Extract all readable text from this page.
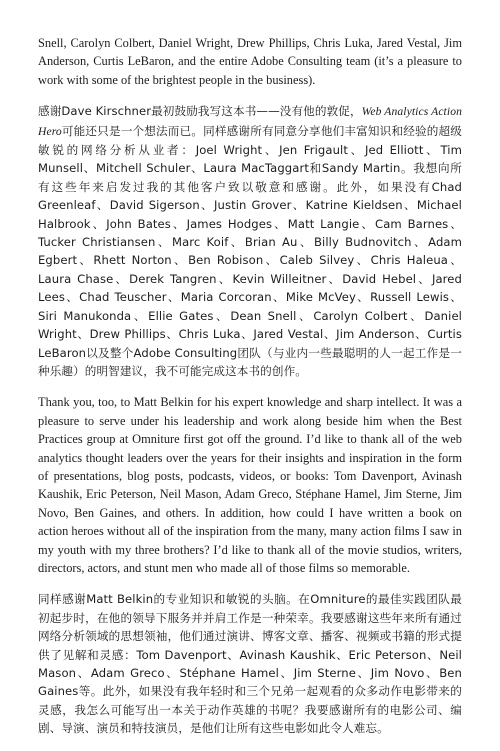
Snell, Carolyn Colbert, Daniel Wright, Drew Phillips, Chris Luka, Jared Vestal, Jim Anderson, Curtis LeBaron, and the entire Adobe Consulting team (it’s a pleasure to work with some of the brightest people in the business).

感谢Dave Kirschner最初鼓励我写这本书——没有他的敦促，Web Analytics Action Hero可能还只是一个想法而已。同样感谢所有同意分享他们丰富知识和经验的超级敏锐的网络分析从业者：Joel Wright、Jen Frigault、Jed Elliott、Tim Munsell、Mitchell Schuler、Laura MacTaggart和Sandy Martin。我想向所有这些年来启发过我的其他客户致以敬意和感谢。此外，如果没有Chad Greenleaf、David Sigerson、Justin Grover、Katrine Kieldsen、Michael Halbrook、John Bates、James Hodges、Matt Langie、Cam Barnes、Tucker Christiansen、Marc Koif、Brian Au、Billy Budnovitch、Adam Egbert、Rhett Norton、Ben Robison、Caleb Silvey、Chris Haleua、Laura Chase、Derek Tangren、Kevin Willeitner、David Hebel、Jared Lees、Chad Teuscher、Maria Corcoran、Mike McVey、Russell Lewis、Siri Manukonda、Ellie Gates、Dean Snell、Carolyn Colbert、Daniel Wright、Drew Phillips、Chris Luka、Jared Vestal、Jim Anderson、Curtis LeBaron以及整个Adobe Consulting团队（与业内一些最聪明的人一起工作是一种乐趣）的明智建议，我不可能完成这本书的创作。

Thank you, too, to Matt Belkin for his expert knowledge and sharp intellect. It was a pleasure to serve under his leadership and work along beside him when the Best Practices group at Omniture first got off the ground. I’d like to thank all of the web analytics thought leaders over the years for their insights and inspiration in the form of presentations, blog posts, podcasts, videos, or books: Tom Davenport, Avinash Kaushik, Eric Peterson, Neil Mason, Adam Greco, Stéphane Hamel, Jim Sterne, Jim Novo, Ben Gaines, and others. In addition, how could I have written a book on action heroes without all of the inspiration from the many, many action films I saw in my youth with my three brothers? I’d like to thank all of the movie studios, writers, directors, actors, and stunt men who made all of those films so memorable.

同样感谢Matt Belkin的专业知识和敏锐的头脑。在Omniture的最佳实践团队最初起步时，在他的领导下服务并并肩工作是一种荣幸。我要感谢这些年来所有通过网络分析领域的思想领袖，他们通过演讲、博客文章、播客、视频或书籍的形式提供了见解和灵感：Tom Davenport、Avinash Kaushik、Eric Peterson、Neil Mason、Adam Greco、Stéphane Hamel、Jim Sterne、Jim Novo、Ben Gaines等。此外，如果没有我年轻时和三个兄弟一起观看的众多动作电影带来的灵感，我怎么可能写出一本关于动作英雄的书呢？我要感谢所有的电影公司、编剧、导演、演员和特技演员，是他们让所有这些电影如此令人难忘。
